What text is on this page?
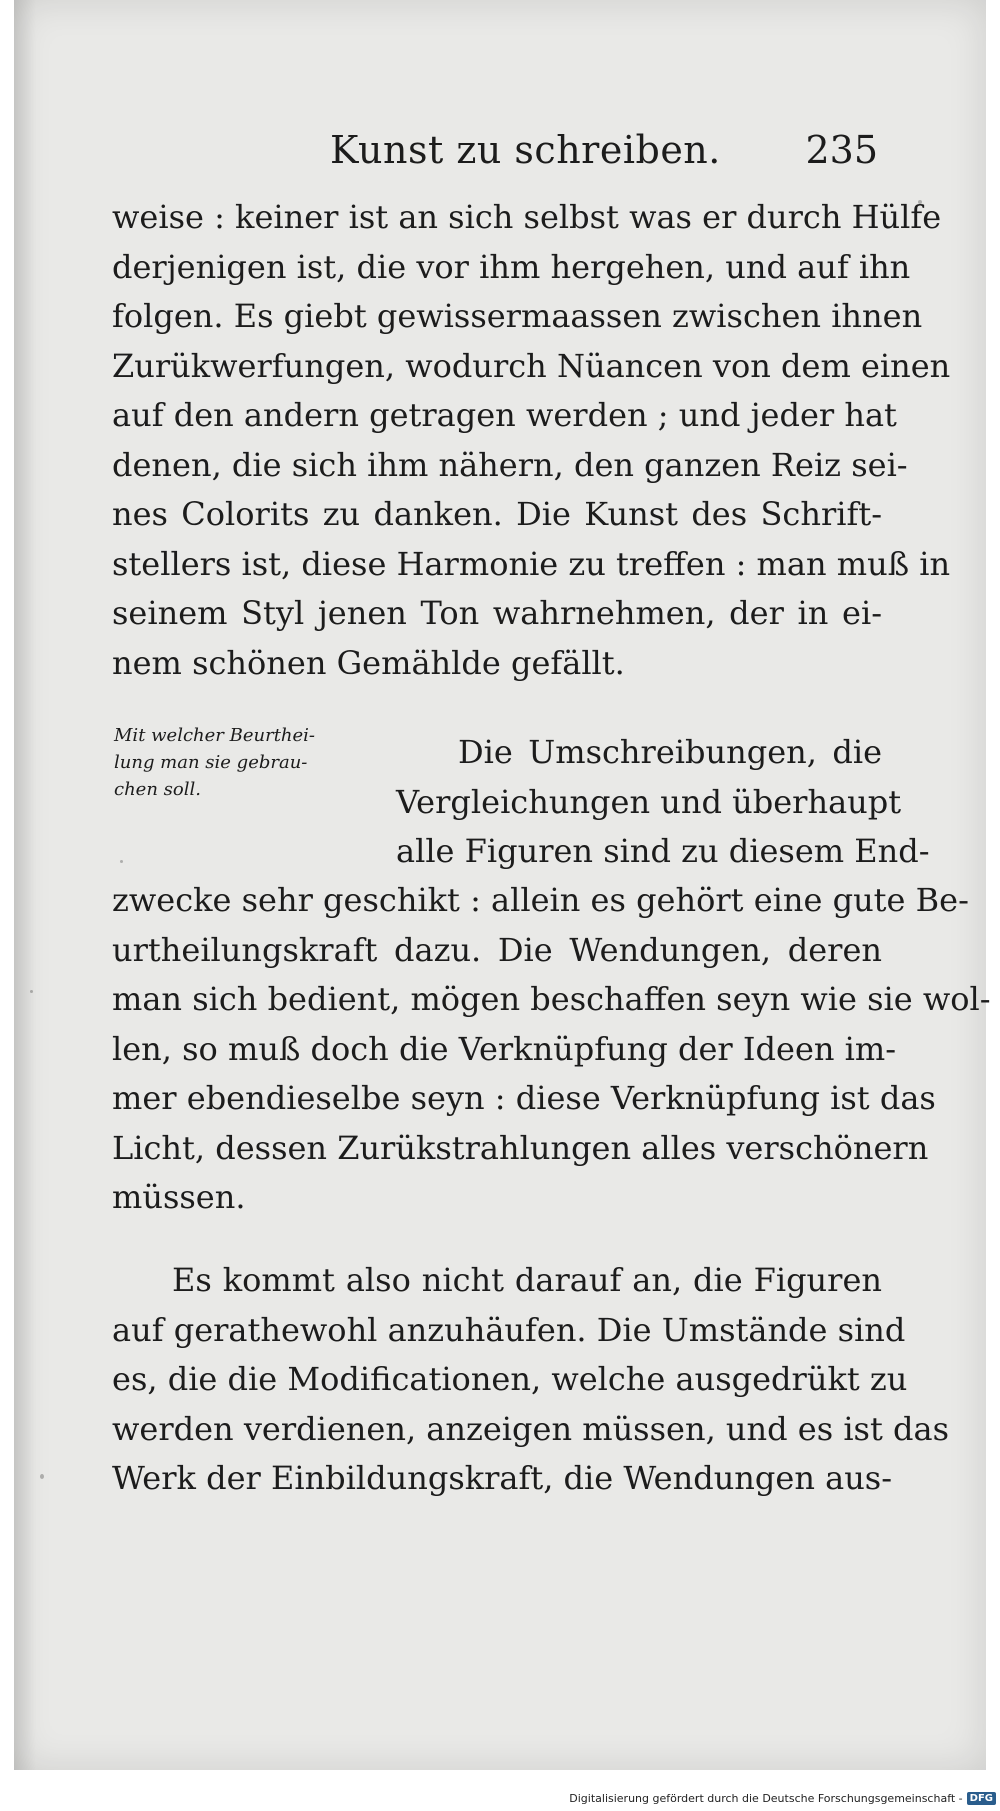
Kunst zu schreiben. 235
weise : keiner ist an sich selbst was er durch Hülfe
derjenigen ist, die vor ihm hergehen, und auf ihn
folgen. Es giebt gewissermaassen zwischen ihnen
Zurükwerfungen, wodurch Nüancen von dem einen
auf den andern getragen werden ; und jeder hat
denen, die sich ihm nähern, den ganzen Reiz sei-
nes Colorits zu danken. Die Kunst des Schrift-
stellers ist, diese Harmonie zu treffen : man muß in
seinem Styl jenen Ton wahrnehmen, der in ei-
nem schönen Gemählde gefällt.
Mit welcher Beurthei-
lung man sie gebrau-
chen soll.
Die Umschreibungen, die
Vergleichungen und überhaupt
alle Figuren sind zu diesem End-
zwecke sehr geschikt : allein es gehört eine gute Be-
urtheilungskraft dazu. Die Wendungen, deren
man sich bedient, mögen beschaffen seyn wie sie wol-
len, so muß doch die Verknüpfung der Ideen im-
mer ebendieselbe seyn : diese Verknüpfung ist das
Licht, dessen Zurükstrahlungen alles verschönern
müssen.
Es kommt also nicht darauf an, die Figuren
auf gerathewohl anzuhäufen. Die Umstände sind
es, die die Modificationen, welche ausgedrükt zu
werden verdienen, anzeigen müssen, und es ist das
Werk der Einbildungskraft, die Wendungen aus-
Digitalisierung gefördert durch die Deutsche Forschungsgemeinschaft - DFG
